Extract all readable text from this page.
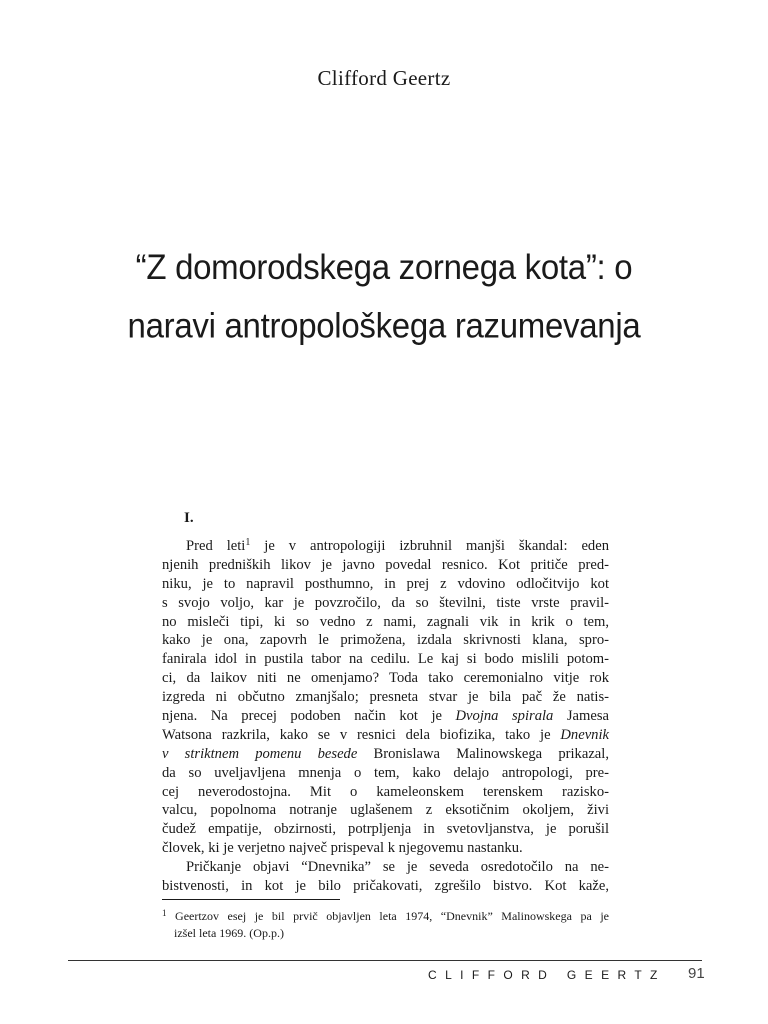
Clifford Geertz
“Z domorodskega zornega kota”: o
naravi antropološkega razumevanja
I.
Pred leti$^1$ je v antropologiji izbruhnil manjši škandal: eden
njenih predniških likov je javno povedal resnico. Kot pritiče pred-
niku, je to napravil posthumno, in prej z vdovino odločitvijo kot
s svojo voljo, kar je povzročilo, da so številni, tiste vrste pravil-
no misleči tipi, ki so vedno z nami, zagnali vik in krik o tem,
kako je ona, zapovrh le primožena, izdala skrivnosti klana, spro-
fanirala idol in pustila tabor na cedilu. Le kaj si bodo mislili potom-
ci, da laikov niti ne omenjamo? Toda tako ceremonialno vitje rok
izgreda ni občutno zmanjšalo; presneta stvar je bila pač že natis-
njena. Na precej podoben način kot je Dvojna spirala Jamesa
Watsona razkrila, kako se v resnici dela biofizika, tako je Dnevnik
v striktnem pomenu besede Bronislawa Malinowskega prikazal,
da so uveljavljena mnenja o tem, kako delajo antropologi, pre-
cej neverodostojna. Mit o kameleonskem terenskem razisko-
valcu, popolnoma notranje uglašenem z eksotičnim okoljem, živi
čudež empatije, obzirnosti, potrpljenja in svetovljanstva, je porušil
človek, ki je verjetno največ prispeval k njegovemu nastanku.
Pričkanje objavi “Dnevnika” se je seveda osredotočilo na ne-
bistvenosti, in kot je bilo pričakovati, zgrešilo bistvo. Kot kaže,
$^1$ Geertzov esej je bil prvič objavljen leta 1974, “Dnevnik” Malinowskega pa je
izšel leta 1969. (Op.p.)
CLIFFORD GEERTZ 91
